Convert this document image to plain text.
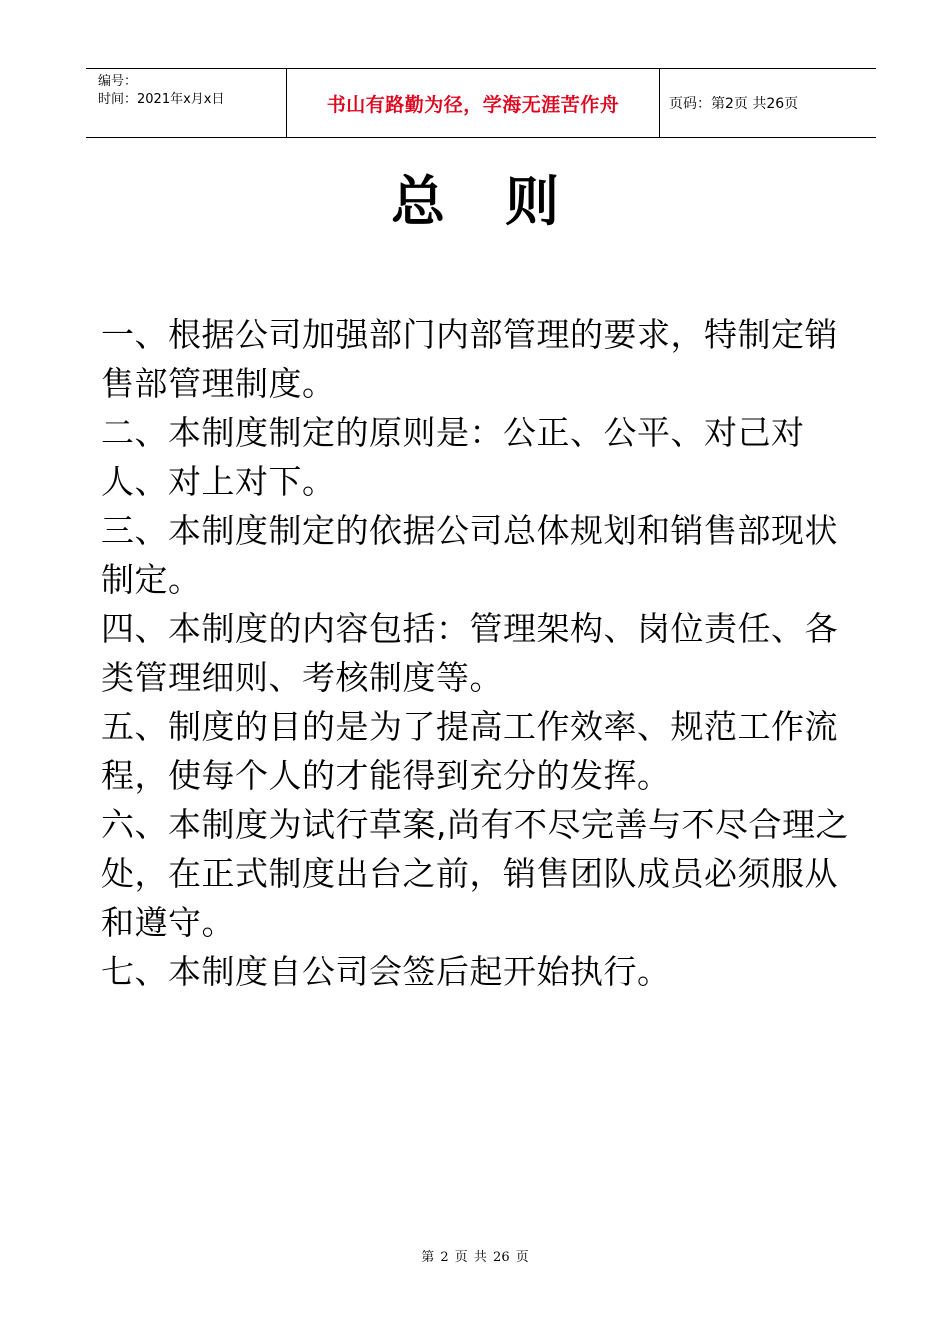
编号：
时间：2021年x月x日	书山有路勤为径，学海无涯苦作舟	页码：第2页 共26页
总则

一、根据公司加强部门内部管理的要求，特制定销售部管理制度。

二、本制度制定的原则是：公正、公平、对己对人、对上对下。

三、本制度制定的依据公司总体规划和销售部现状制定。

四、本制度的内容包括：管理架构、岗位责任、各类管理细则、考核制度等。

五、制度的目的是为了提高工作效率、规范工作流程，使每个人的才能得到充分的发挥。

六、本制度为试行草案,尚有不尽完善与不尽合理之处，在正式制度出台之前，销售团队成员必须服从和遵守。

七、本制度自公司会签后起开始执行。

第 2 页 共 26 页
